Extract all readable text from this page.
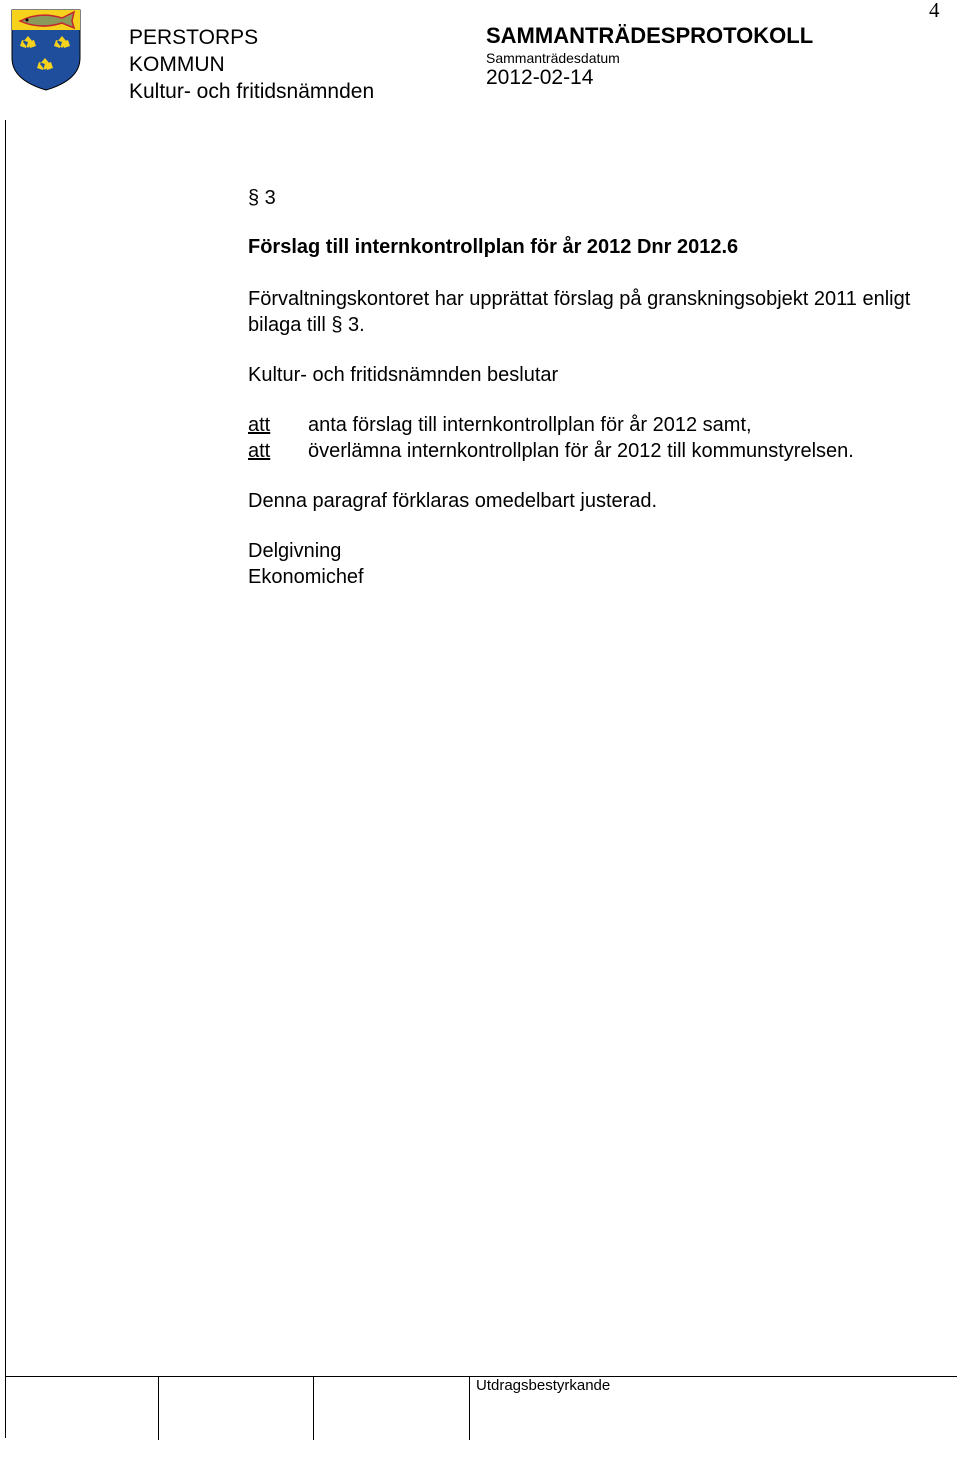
4
PERSTORPS
KOMMUN
Kultur- och fritidsnämnden
SAMMANTRÄDESPROTOKOLL
Sammanträdesdatum
2012-02-14
§ 3
Förslag till internkontrollplan för år 2012 Dnr 2012.6
Förvaltningskontoret har upprättat förslag på granskningsobjekt 2011 enligt bilaga till § 3.
Kultur- och fritidsnämnden beslutar
att	anta förslag till internkontrollplan för år 2012 samt,
att	överlämna internkontrollplan för år 2012 till kommunstyrelsen.
Denna paragraf förklaras omedelbart justerad.
Delgivning
Ekonomichef
Utdragsbestyrkande
